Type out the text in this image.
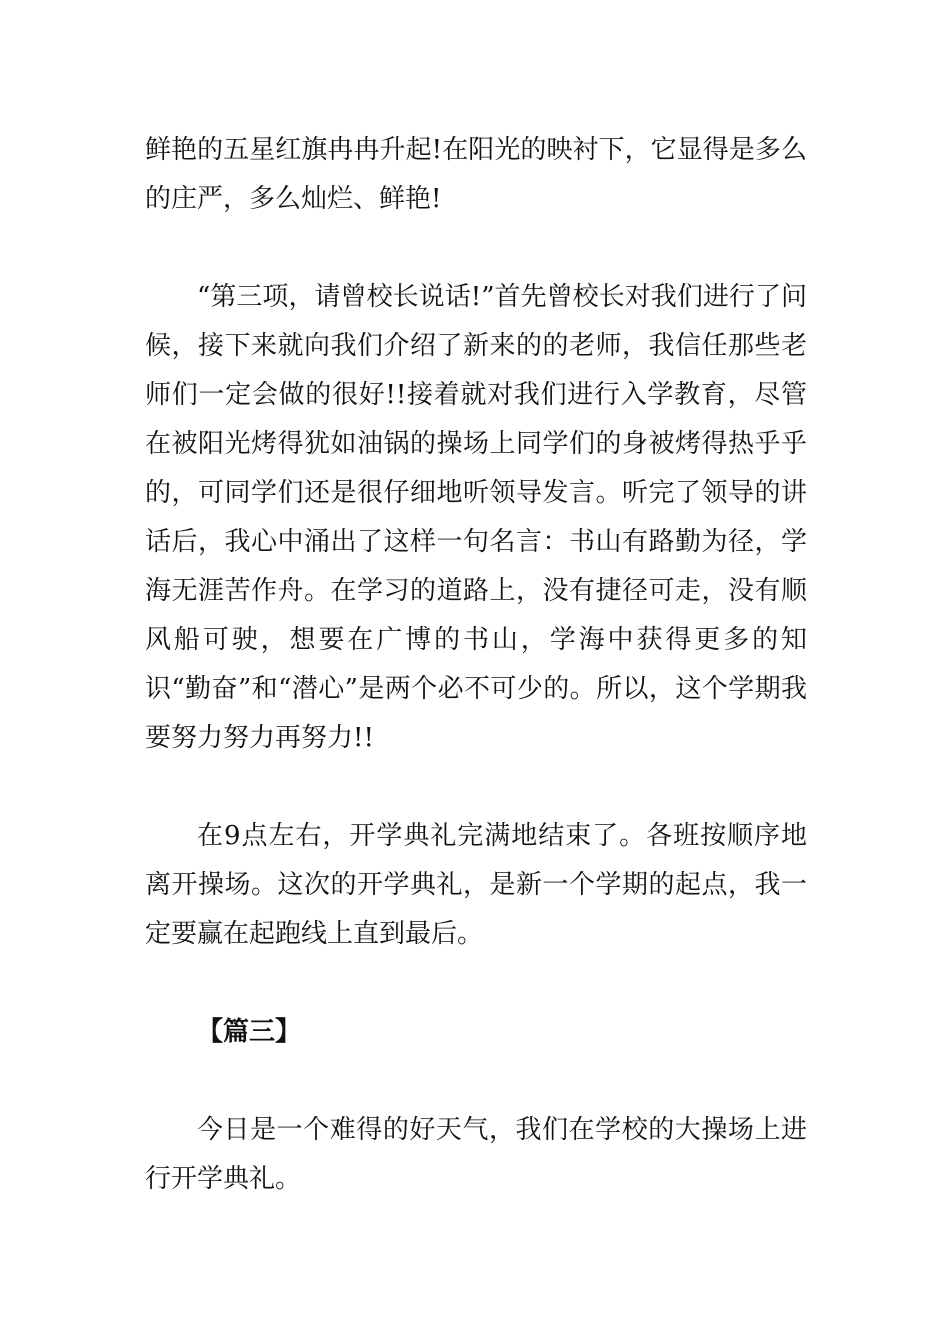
鲜艳的五星红旗冉冉升起!在阳光的映衬下，它显得是多么的庄严，多么灿烂、鲜艳!

“第三项，请曾校长说话!”首先曾校长对我们进行了问候，接下来就向我们介绍了新来的的老师，我信任那些老师们一定会做的很好!!接着就对我们进行入学教育，尽管在被阳光烤得犹如油锅的操场上同学们的身被烤得热乎乎的，可同学们还是很仔细地听领导发言。听完了领导的讲话后，我心中涌出了这样一句名言：书山有路勤为径，学海无涯苦作舟。在学习的道路上，没有捷径可走，没有顺风船可驶，想要在广博的书山，学海中获得更多的知识“勤奋”和“潜心”是两个必不可少的。所以，这个学期我要努力努力再努力!!

在9点左右，开学典礼完满地结束了。各班按顺序地离开操场。这次的开学典礼，是新一个学期的起点，我一定要赢在起跑线上直到最后。

【篇三】

今日是一个难得的好天气，我们在学校的大操场上进行开学典礼。
